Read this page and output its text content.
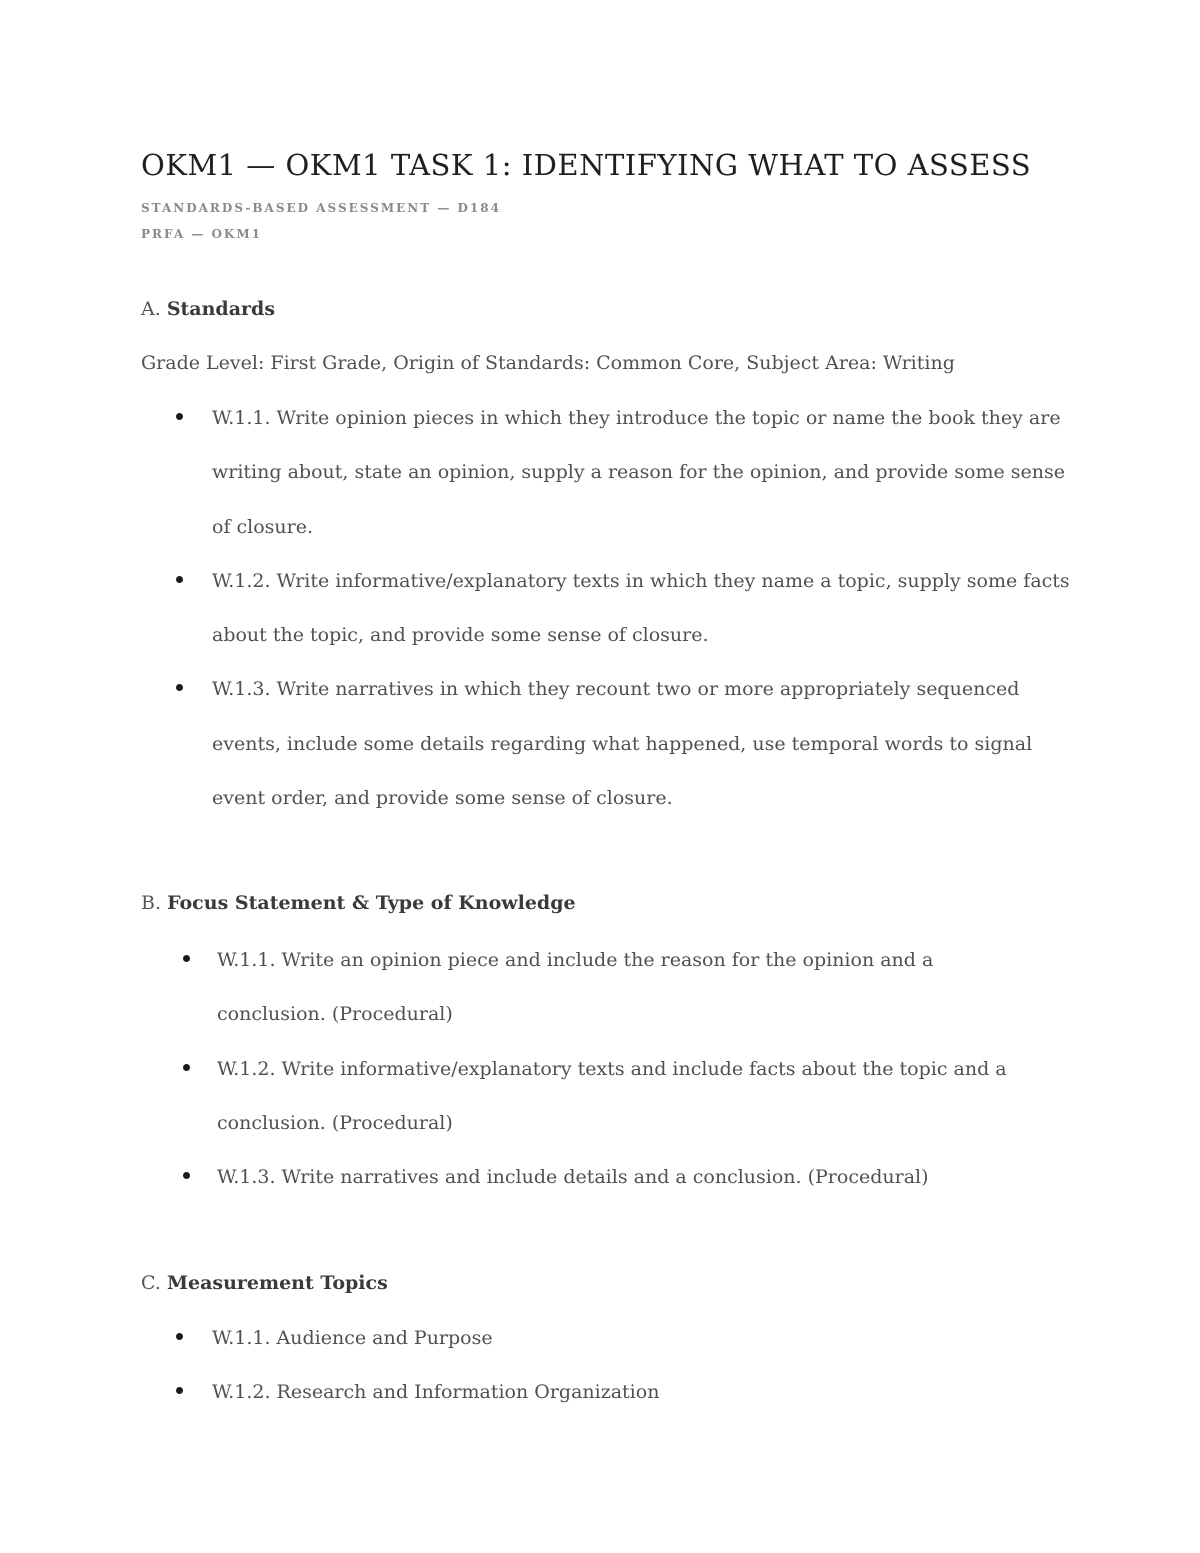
OKM1 — OKM1 TASK 1: IDENTIFYING WHAT TO ASSESS
STANDARDS-BASED ASSESSMENT — D184
PRFA — OKM1
A. Standards
Grade Level: First Grade, Origin of Standards: Common Core, Subject Area: Writing
W.1.1. Write opinion pieces in which they introduce the topic or name the book they are writing about, state an opinion, supply a reason for the opinion, and provide some sense of closure.
W.1.2. Write informative/explanatory texts in which they name a topic, supply some facts about the topic, and provide some sense of closure.
W.1.3. Write narratives in which they recount two or more appropriately sequenced events, include some details regarding what happened, use temporal words to signal event order, and provide some sense of closure.
B. Focus Statement & Type of Knowledge
W.1.1. Write an opinion piece and include the reason for the opinion and a conclusion. (Procedural)
W.1.2. Write informative/explanatory texts and include facts about the topic and a conclusion. (Procedural)
W.1.3. Write narratives and include details and a conclusion. (Procedural)
C. Measurement Topics
W.1.1. Audience and Purpose
W.1.2. Research and Information Organization
